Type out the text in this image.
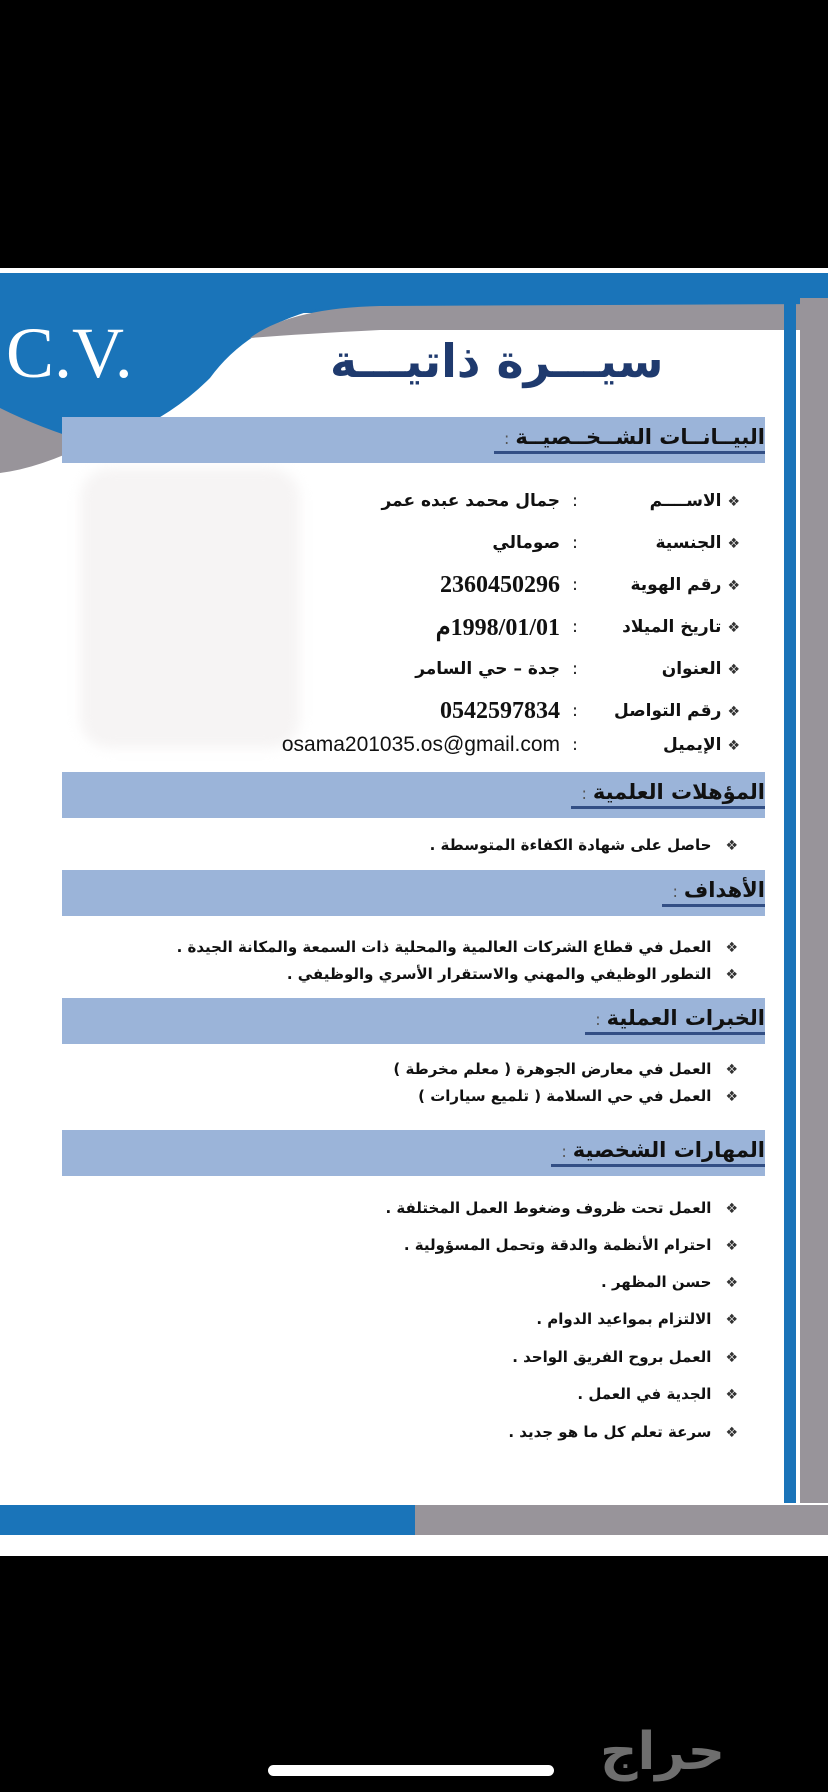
C.V.	سيـــرة ذاتيـــة
البيــانــات الشــخــصيــة:
❖الاســــم
:
جمال محمد عبده عمر
❖الجنسية
:
صومالي
❖رقم الهوية
:
2360450296
❖تاريخ الميلاد
:
1998/01/01م
❖العنوان
:
جدة – حي السامر
❖رقم التواصل
:
0542597834
❖الإيميل
:
osama201035.os@gmail.com
المؤهلات العلمية:
❖حاصل على شهادة الكفاءة المتوسطة .
الأهداف:
❖العمل في قطاع الشركات العالمية والمحلية ذات السمعة والمكانة الجيدة .
❖التطور الوظيفي والمهني والاستقرار الأسري والوظيفي .
الخبرات العملية:
❖العمل في معارض الجوهرة ( معلم مخرطة )
❖العمل في حي السلامة ( تلميع سيارات )
المهارات الشخصية:
❖العمل تحت ظروف وضغوط العمل المختلفة .
❖احترام الأنظمة والدقة وتحمل المسؤولية .
❖حسن المظهر .
❖الالتزام بمواعيد الدوام .
❖العمل بروح الفريق الواحد .
❖الجدية في العمل .
❖سرعة تعلم كل ما هو جديد .
حراج
